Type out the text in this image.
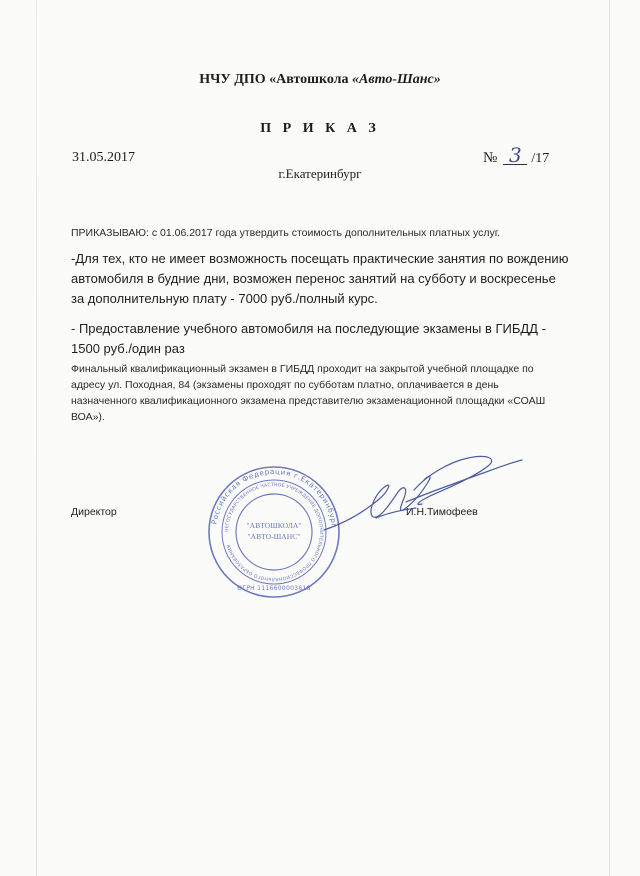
НЧУ ДПО «Автошкола «Авто-Шанс»
П Р И К А З
31.05.2017	№ 3 /17
г.Екатеринбург
ПРИКАЗЫВАЮ: с 01.06.2017 года утвердить стоимость дополнительных платных услуг.
-Для тех, кто не имеет возможность посещать практические занятия по вождению автомобиля в будние дни, возможен перенос занятий на субботу и воскресенье за дополнительную плату - 7000 руб./полный курс.
- Предоставление учебного автомобиля на последующие экзамены в ГИБДД - 1500 руб./один раз
Финальный квалификационный экзамен в ГИБДД проходит на закрытой учебной площадке по адресу ул. Походная, 84 (экзамены проходят по субботам платно, оплачивается в день назначенного квалификационного экзамена представителю экзаменационной площадки «СОАШ ВОА»).
Директор	И.Н.Тимофеев
Российская Федерация г.Екатеринбург
НЕГОСУДАРСТВЕННОЕ ЧАСТНОЕ УЧРЕЖДЕНИЕ ДОПОЛНИТЕЛЬНОГО ПРОФЕССИОНАЛЬНОГО ОБРАЗОВАНИЯ
"АВТОШКОЛА"
"АВТО-ШАНС"
ОГРН 1116600003618
